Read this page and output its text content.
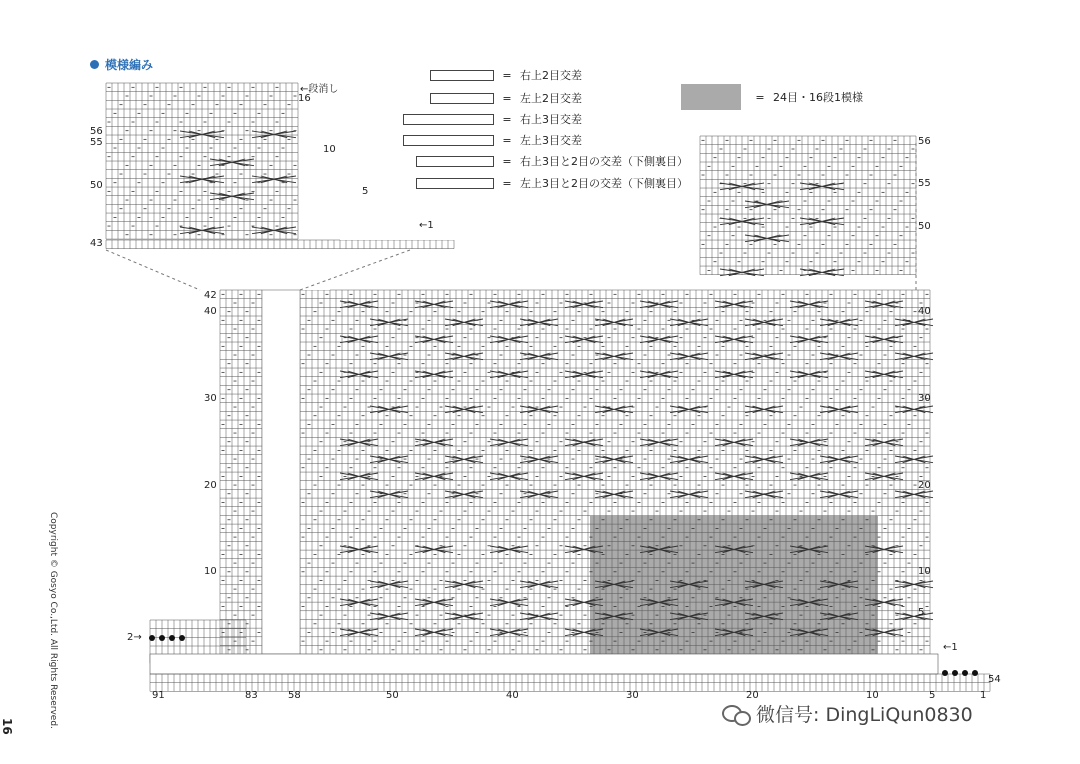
模様編み
= 右上2目交差
= 左上2目交差
= 右上3目交差
= 左上3目交差
= 右上3目と2目の交差（下側裏目）
= 左上3目と2目の交差（下側裏目）
= 24目・16段1模様
←段消し
←1
←1
2→
56
55
50
43
16
10
5
56
55
50
42
40
30
20
10
40
30
20
10
5
91	83	58	50	40	30	20	10	5	1
54
Copyright © Gosyo Co.,Ltd. All Rights Reserved.
16
微信号: DingLiQun0830
